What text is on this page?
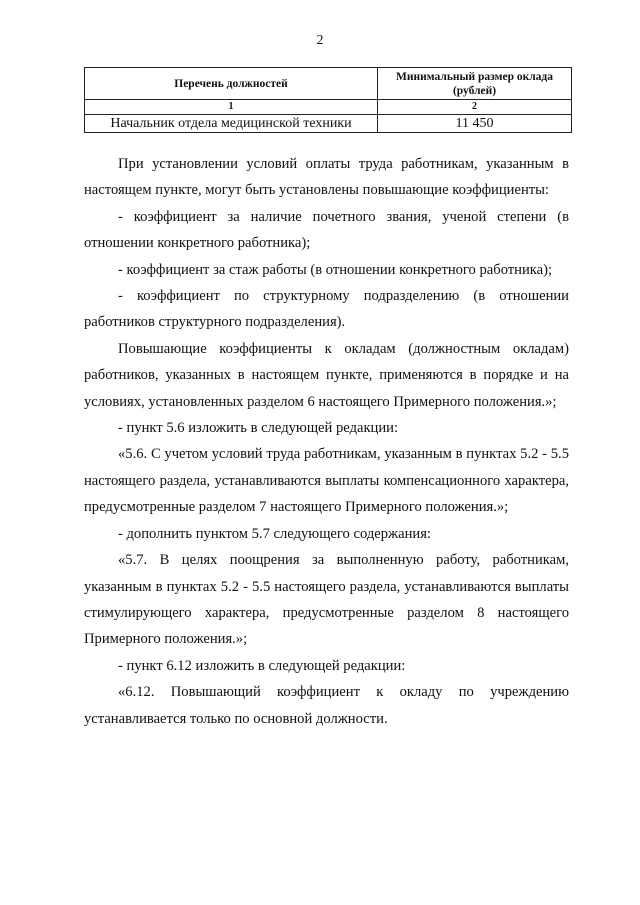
2
Перечень должностей	Минимальный размер оклада (рублей)
1	2
Начальник отдела медицинской техники	11 450

При установлении условий оплаты труда работникам, указанным в настоящем пункте, могут быть установлены повышающие коэффициенты:

- коэффициент за наличие почетного звания, ученой степени (в отношении конкретного работника);

- коэффициент за стаж работы (в отношении конкретного работника);

- коэффициент по структурному подразделению (в отношении работников структурного подразделения).

Повышающие коэффициенты к окладам (должностным окладам) работников, указанных в настоящем пункте, применяются в порядке и на условиях, установленных разделом 6 настоящего Примерного положения.»;

- пункт 5.6 изложить в следующей редакции:

«5.6. С учетом условий труда работникам, указанным в пунктах 5.2 - 5.5 настоящего раздела, устанавливаются выплаты компенсационного характера, предусмотренные разделом 7 настоящего Примерного положения.»;

- дополнить пунктом 5.7 следующего содержания:

«5.7. В целях поощрения за выполненную работу, работникам, указанным в пунктах 5.2 - 5.5 настоящего раздела, устанавливаются выплаты стимулирующего характера, предусмотренные разделом 8 настоящего Примерного положения.»;

- пункт 6.12 изложить в следующей редакции:

«6.12. Повышающий коэффициент к окладу по учреждению устанавливается только по основной должности.
